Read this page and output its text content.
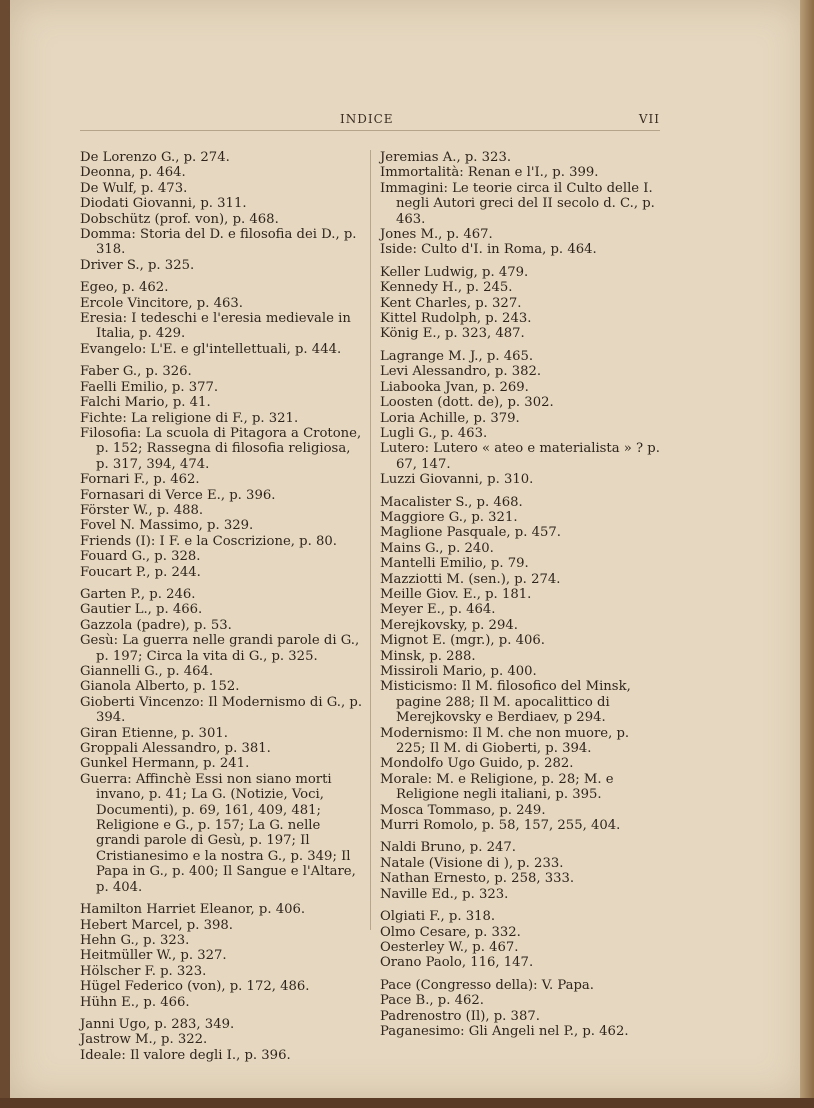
INDICE	VII

De Lorenzo G., p. 274.

Deonna, p. 464.

De Wulf, p. 473.

Diodati Giovanni, p. 311.

Dobschütz (prof. von), p. 468.

Domma: Storia del D. e filosofia dei D., p. 318.

Driver S., p. 325.

Egeo, p. 462.

Ercole Vincitore, p. 463.

Eresia: I tedeschi e l'eresia medievale in Italia, p. 429.

Evangelo: L'E. e gl'intellettuali, p. 444.

Faber G., p. 326.

Faelli Emilio, p. 377.

Falchi Mario, p. 41.

Fichte: La religione di F., p. 321.

Filosofia: La scuola di Pitagora a Crotone, p. 152; Rassegna di filosofia religiosa, p. 317, 394, 474.

Fornari F., p. 462.

Fornasari di Verce E., p. 396.

Förster W., p. 488.

Fovel N. Massimo, p. 329.

Friends (I): I F. e la Coscrizione, p. 80.

Fouard G., p. 328.

Foucart P., p. 244.

Garten P., p. 246.

Gautier L., p. 466.

Gazzola (padre), p. 53.

Gesù: La guerra nelle grandi parole di G., p. 197; Circa la vita di G., p. 325.

Giannelli G., p. 464.

Gianola Alberto, p. 152.

Gioberti Vincenzo: Il Modernismo di G., p. 394.

Giran Etienne, p. 301.

Groppali Alessandro, p. 381.

Gunkel Hermann, p. 241.

Guerra: Affinchè Essi non siano morti invano, p. 41; La G. (Notizie, Voci, Documenti), p. 69, 161, 409, 481; Religione e G., p. 157; La G. nelle grandi parole di Gesù, p. 197; Il Cristianesimo e la nostra G., p. 349; Il Papa in G., p. 400; Il Sangue e l'Altare, p. 404.

Hamilton Harriet Eleanor, p. 406.

Hebert Marcel, p. 398.

Hehn G., p. 323.

Heitmüller W., p. 327.

Hölscher F. p. 323.

Hügel Federico (von), p. 172, 486.

Hühn E., p. 466.

Janni Ugo, p. 283, 349.

Jastrow M., p. 322.

Ideale: Il valore degli I., p. 396.

Jeremias A., p. 323.

Immortalità: Renan e l'I., p. 399.

Immagini: Le teorie circa il Culto delle I. negli Autori greci del II secolo d. C., p. 463.

Jones M., p. 467.

Iside: Culto d'I. in Roma, p. 464.

Keller Ludwig, p. 479.

Kennedy H., p. 245.

Kent Charles, p. 327.

Kittel Rudolph, p. 243.

König E., p. 323, 487.

Lagrange M. J., p. 465.

Levi Alessandro, p. 382.

Liabooka Jvan, p. 269.

Loosten (dott. de), p. 302.

Loria Achille, p. 379.

Lugli G., p. 463.

Lutero: Lutero « ateo e materialista » ? p. 67, 147.

Luzzi Giovanni, p. 310.

Macalister S., p. 468.

Maggiore G., p. 321.

Maglione Pasquale, p. 457.

Mains G., p. 240.

Mantelli Emilio, p. 79.

Mazziotti M. (sen.), p. 274.

Meille Giov. E., p. 181.

Meyer E., p. 464.

Merejkovsky, p. 294.

Mignot E. (mgr.), p. 406.

Minsk, p. 288.

Missiroli Mario, p. 400.

Misticismo: Il M. filosofico del Minsk, pagine 288; Il M. apocalittico di Merejkovsky e Berdiaev, p 294.

Modernismo: Il M. che non muore, p. 225; Il M. di Gioberti, p. 394.

Mondolfo Ugo Guido, p. 282.

Morale: M. e Religione, p. 28; M. e Religione negli italiani, p. 395.

Mosca Tommaso, p. 249.

Murri Romolo, p. 58, 157, 255, 404.

Naldi Bruno, p. 247.

Natale (Visione di ), p. 233.

Nathan Ernesto, p. 258, 333.

Naville Ed., p. 323.

Olgiati F., p. 318.

Olmo Cesare, p. 332.

Oesterley W., p. 467.

Orano Paolo, 116, 147.

Pace (Congresso della): V. Papa.

Pace B., p. 462.

Padrenostro (Il), p. 387.

Paganesimo: Gli Angeli nel P., p. 462.
